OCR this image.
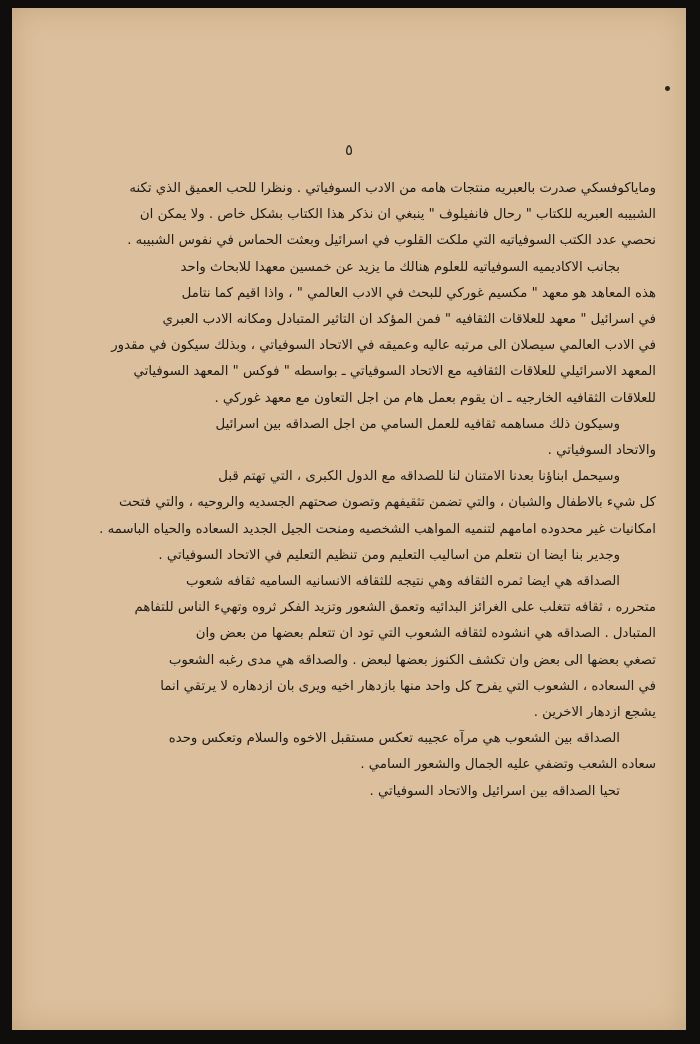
٥
وماياكوفسكي صدرت بالعبريه منتجات هامه من الادب السوفياتي . ونظرا للحب العميق الذي تكنه
الشبيبه العبريه للكتاب " رحال فانفيلوف " ينبغي ان نذكر هذا الكتاب بشكل خاص . ولا يمكن ان
نحصي عدد الكتب السوفياتيه التي ملكت القلوب في اسرائيل وبعثت الحماس في نفوس الشبيبه .
بجانب الاكاديميه السوفياتيه للعلوم هنالك ما يزيد عن خمسين معهدا للابحاث واحد
هذه المعاهد هو معهد " مكسيم غوركي للبحث في الادب العالمي " ، واذا اقيم كما نتامل
في اسرائيل " معهد للعلاقات الثقافيه " فمن المؤكد ان التاثير المتبادل ومكانه الادب العبري
في الادب العالمي سيصلان الى مرتبه عاليه وعميقه في الاتحاد السوفياتي ، وبذلك سيكون في مقدور
المعهد الاسرائيلي للعلاقات الثقافيه مع الاتحاد السوفياتي ـ بواسطه " فوكس " المعهد السوفياتي
للعلاقات الثقافيه الخارجيه ـ ان يقوم بعمل هام من اجل التعاون مع معهد غوركي .
وسيكون ذلك مساهمه ثقافيه للعمل السامي من اجل الصداقه بين اسرائيل
والاتحاد السوفياتي .
وسيحمل ابناؤنا بعدنا الامتنان لنا للصداقه مع الدول الكبرى ، التي تهتم قبل
كل شيء بالاطفال والشبان ، والتي تضمن تثقيفهم وتصون صحتهم الجسديه والروحيه ، والتي فتحت
امكانيات غير محدوده امامهم لتنميه المواهب الشخصيه ومنحت الجيل الجديد السعاده والحياه الباسمه .
وجدير بنا ايضا ان نتعلم من اساليب التعليم ومن تنظيم التعليم في الاتحاد السوفياتي .
الصداقه هي ايضا ثمره الثقافه وهي نتيجه للثقافه الانسانيه الساميه ثقافه شعوب
متحرره ، ثقافه تتغلب على الغرائز البدائيه وتعمق الشعور وتزيد الفكر ثروه وتهيء الناس للتفاهم
المتبادل . الصداقه هي انشوده لثقافه الشعوب التي تود ان تتعلم بعضها من بعض وان
تصغي بعضها الى بعض وان تكشف الكنوز بعضها لبعض . والصداقه هي مدى رغبه الشعوب
في السعاده ، الشعوب التي يفرح كل واحد منها بازدهار اخيه ويرى بان ازدهاره لا يرتقي انما
يشجع ازدهار الاخرين .
الصداقه بين الشعوب هي مرآه عجيبه تعكس مستقبل الاخوه والسلام وتعكس وحده
سعاده الشعب وتضفي عليه الجمال والشعور السامي .
تحيا الصداقه بين اسرائيل والاتحاد السوفياتي .
